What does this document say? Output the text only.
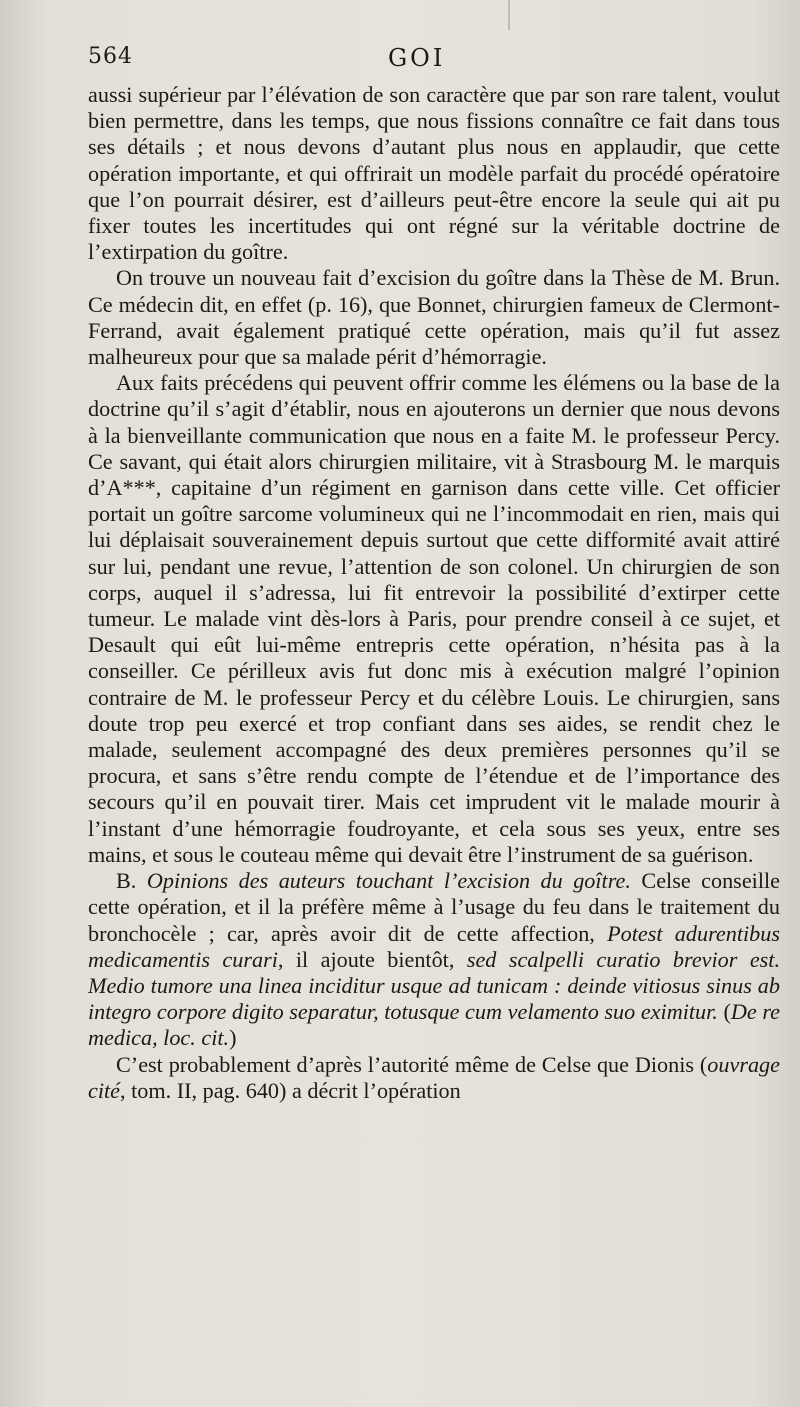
564	GOI

aussi supérieur par l’élévation de son caractère que par son rare talent, voulut bien permettre, dans les temps, que nous fissions connaître ce fait dans tous ses détails ; et nous devons d’autant plus nous en applaudir, que cette opération importante, et qui offrirait un modèle parfait du procédé opératoire que l’on pourrait désirer, est d’ailleurs peut-être encore la seule qui ait pu fixer toutes les incertitudes qui ont régné sur la véritable doctrine de l’extirpation du goître.

On trouve un nouveau fait d’excision du goître dans la Thèse de M. Brun. Ce médecin dit, en effet (p. 16), que Bonnet, chirurgien fameux de Clermont-Ferrand, avait également pratiqué cette opération, mais qu’il fut assez malheureux pour que sa malade périt d’hémorragie.

Aux faits précédens qui peuvent offrir comme les élémens ou la base de la doctrine qu’il s’agit d’établir, nous en ajouterons un dernier que nous devons à la bienveillante communication que nous en a faite M. le professeur Percy. Ce savant, qui était alors chirurgien militaire, vit à Strasbourg M. le marquis d’A***, capitaine d’un régiment en garnison dans cette ville. Cet officier portait un goître sarcome volumineux qui ne l’incommodait en rien, mais qui lui déplaisait souverainement depuis surtout que cette difformité avait attiré sur lui, pendant une revue, l’attention de son colonel. Un chirurgien de son corps, auquel il s’adressa, lui fit entrevoir la possibilité d’extirper cette tumeur. Le malade vint dès-lors à Paris, pour prendre conseil à ce sujet, et Desault qui eût lui-même entrepris cette opération, n’hésita pas à la conseiller. Ce périlleux avis fut donc mis à exécution malgré l’opinion contraire de M. le professeur Percy et du célèbre Louis. Le chirurgien, sans doute trop peu exercé et trop confiant dans ses aides, se rendit chez le malade, seulement accompagné des deux premières personnes qu’il se procura, et sans s’être rendu compte de l’étendue et de l’importance des secours qu’il en pouvait tirer. Mais cet imprudent vit le malade mourir à l’instant d’une hémorragie foudroyante, et cela sous ses yeux, entre ses mains, et sous le couteau même qui devait être l’instrument de sa guérison.

B. Opinions des auteurs touchant l’excision du goître. Celse conseille cette opération, et il la préfère même à l’usage du feu dans le traitement du bronchocèle ; car, après avoir dit de cette affection, Potest adurentibus medicamentis curari, il ajoute bientôt, sed scalpelli curatio brevior est. Medio tumore una linea inciditur usque ad tunicam : deinde vitiosus sinus ab integro corpore digito separatur, totusque cum velamento suo eximitur. (De re medica, loc. cit.)

C’est probablement d’après l’autorité même de Celse que Dionis (ouvrage cité, tom. II, pag. 640) a décrit l’opération
